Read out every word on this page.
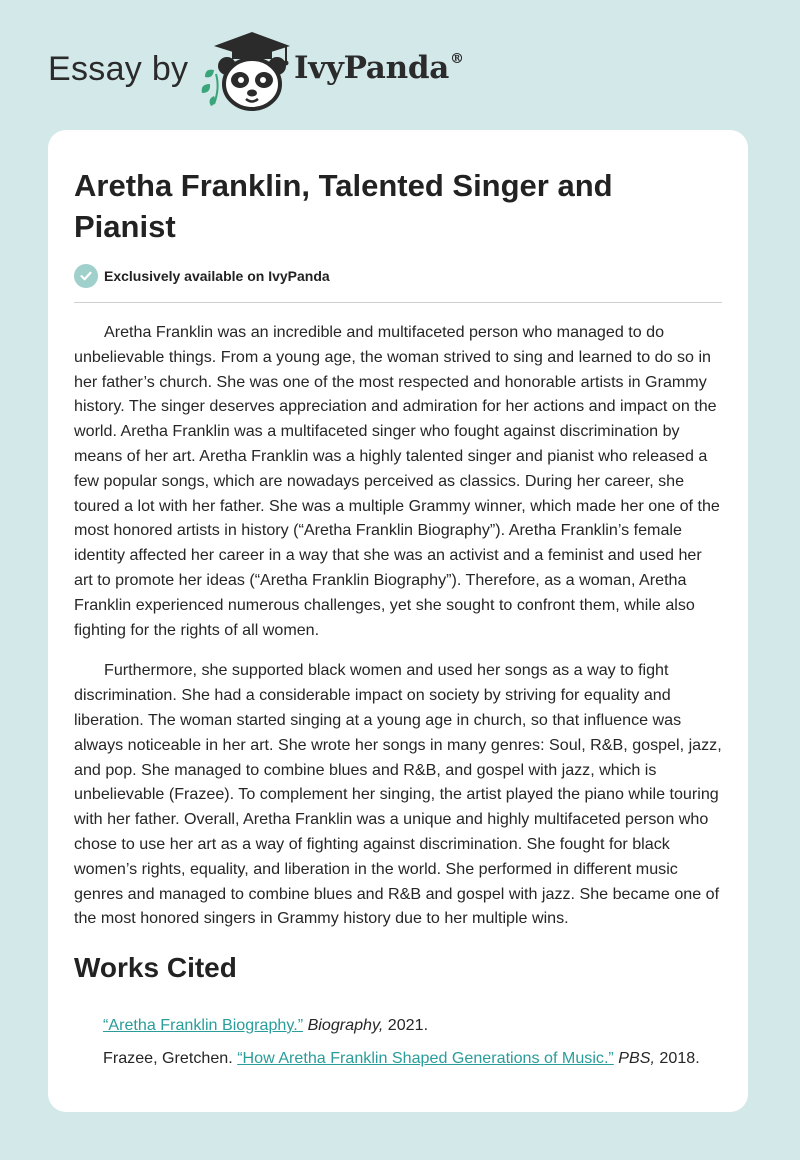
Essay by	IvyPanda®
Aretha Franklin, Talented Singer and Pianist
Exclusively available on IvyPanda

Aretha Franklin was an incredible and multifaceted person who managed to do unbelievable things. From a young age, the woman strived to sing and learned to do so in her father’s church. She was one of the most respected and honorable artists in Grammy history. The singer deserves appreciation and admiration for her actions and impact on the world. Aretha Franklin was a multifaceted singer who fought against discrimination by means of her art. Aretha Franklin was a highly talented singer and pianist who released a few popular songs, which are nowadays perceived as classics. During her career, she toured a lot with her father. She was a multiple Grammy winner, which made her one of the most honored artists in history (“Aretha Franklin Biography”). Aretha Franklin’s female identity affected her career in a way that she was an activist and a feminist and used her art to promote her ideas (“Aretha Franklin Biography”). Therefore, as a woman, Aretha Franklin experienced numerous challenges, yet she sought to confront them, while also fighting for the rights of all women.

Furthermore, she supported black women and used her songs as a way to fight discrimination. She had a considerable impact on society by striving for equality and liberation. The woman started singing at a young age in church, so that influence was always noticeable in her art. She wrote her songs in many genres: Soul, R&B, gospel, jazz, and pop. She managed to combine blues and R&B, and gospel with jazz, which is unbelievable (Frazee). To complement her singing, the artist played the piano while touring with her father. Overall, Aretha Franklin was a unique and highly multifaceted person who chose to use her art as a way of fighting against discrimination. She fought for black women’s rights, equality, and liberation in the world. She performed in different music genres and managed to combine blues and R&B and gospel with jazz. She became one of the most honored singers in Grammy history due to her multiple wins.

Works Cited
“Aretha Franklin Biography.” Biography, 2021.
Frazee, Gretchen. “How Aretha Franklin Shaped Generations of Music.” PBS, 2018.
